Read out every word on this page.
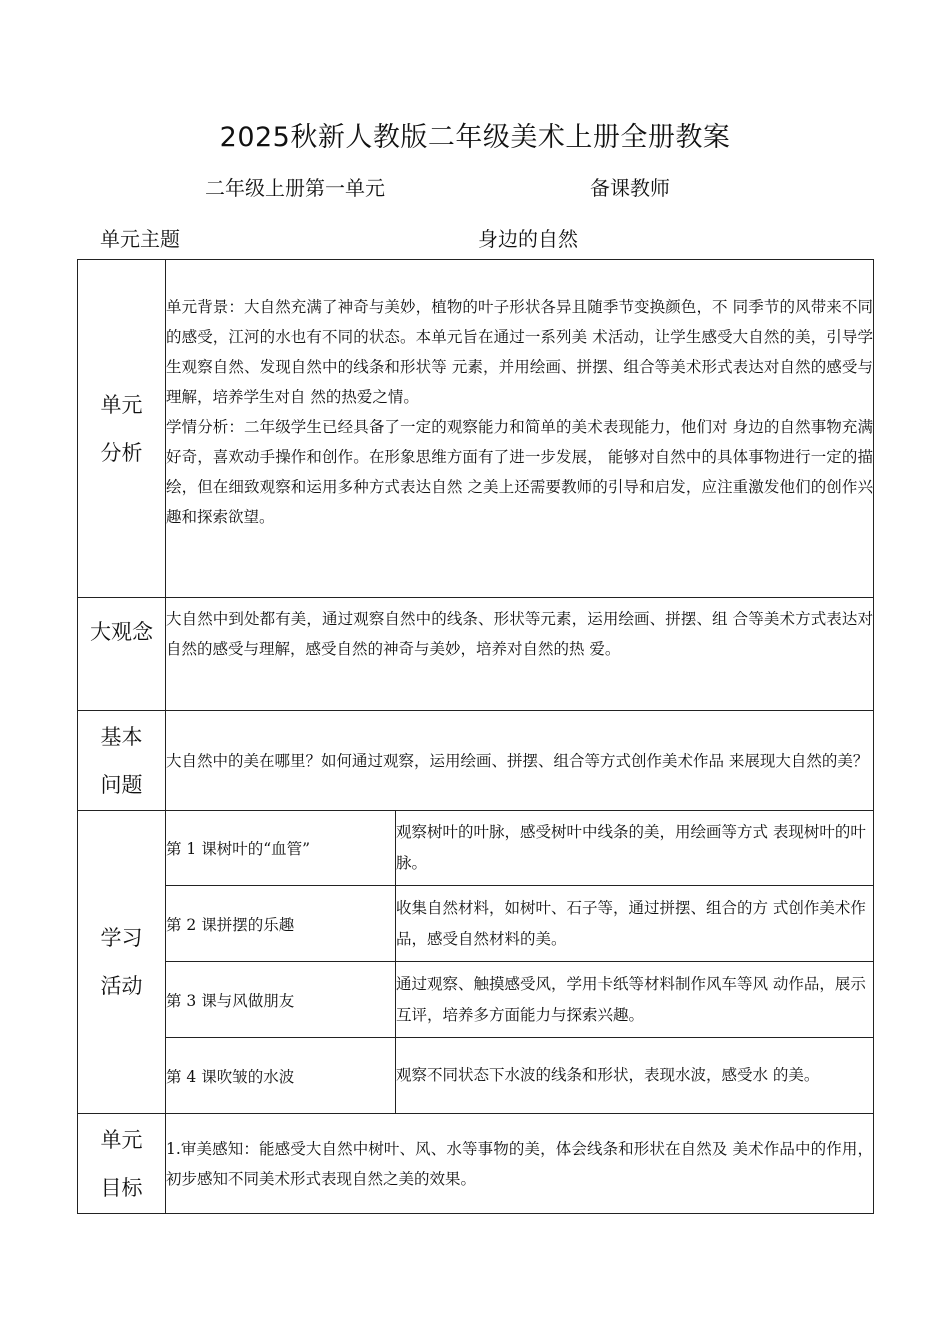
2025秋新人教版二年级美术上册全册教案
二年级上册第一单元	备课教师
单元主题	身边的自然
单元
分析	单元背景：大自然充满了神奇与美妙，植物的叶子形状各异且随季节变换颜色，不 同季节的风带来不同的感受，江河的水也有不同的状态。本单元旨在通过一系列美 术活动，让学生感受大自然的美，引导学生观察自然、发现自然中的线条和形状等 元素，并用绘画、拼摆、组合等美术形式表达对自然的感受与理解，培养学生对自 然的热爱之情。
学情分析：二年级学生已经具备了一定的观察能力和简单的美术表现能力，他们对 身边的自然事物充满好奇，喜欢动手操作和创作。在形象思维方面有了进一步发展， 能够对自然中的具体事物进行一定的描绘，但在细致观察和运用多种方式表达自然 之美上还需要教师的引导和启发，应注重激发他们的创作兴趣和探索欲望。	

大观念	大自然中到处都有美，通过观察自然中的线条、形状等元素，运用绘画、拼摆、组 合等美术方式表达对自然的感受与理解，感受自然的神奇与美妙，培养对自然的热 爱。	

基本
问题	大自然中的美在哪里？如何通过观察，运用绘画、拼摆、组合等方式创作美术作品 来展现大自然的美？	

学习
活动	第 1 课树叶的“血管”	观察树叶的叶脉，感受树叶中线条的美，用绘画等方式 表现树叶的叶脉。
	第 2 课拼摆的乐趣	收集自然材料，如树叶、石子等，通过拼摆、组合的方 式创作美术作品，感受自然材料的美。
	第 3 课与风做朋友	通过观察、触摸感受风，学用卡纸等材料制作风车等风 动作品，展示互评，培养多方面能力与探索兴趣。
	第 4 课吹皱的水波	观察不同状态下水波的线条和形状，表现水波，感受水 的美。

单元
目标	1.审美感知：能感受大自然中树叶、风、水等事物的美，体会线条和形状在自然及 美术作品中的作用，初步感知不同美术形式表现自然之美的效果。	
